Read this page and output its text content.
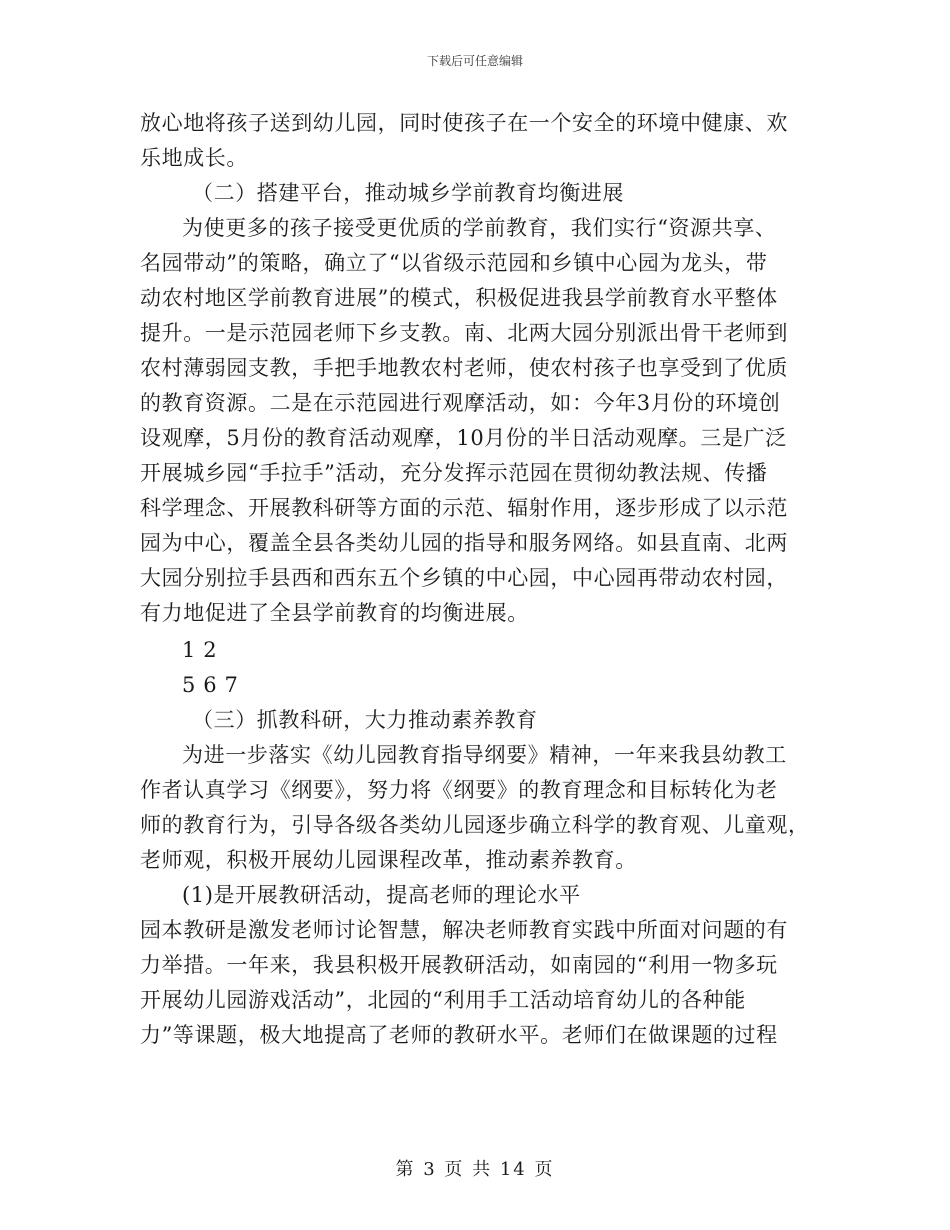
下载后可任意编辑
放心地将孩子送到幼儿园，同时使孩子在一个安全的环境中健康、欢
乐地成长。
（二）搭建平台，推动城乡学前教育均衡进展
为使更多的孩子接受更优质的学前教育，我们实行“资源共享、
名园带动”的策略，确立了“以省级示范园和乡镇中心园为龙头，带
动农村地区学前教育进展”的模式，积极促进我县学前教育水平整体
提升。一是示范园老师下乡支教。南、北两大园分别派出骨干老师到
农村薄弱园支教，手把手地教农村老师，使农村孩子也享受到了优质
的教育资源。二是在示范园进行观摩活动，如：今年3月份的环境创
设观摩，5月份的教育活动观摩，10月份的半日活动观摩。三是广泛
开展城乡园“手拉手”活动，充分发挥示范园在贯彻幼教法规、传播
科学理念、开展教科研等方面的示范、辐射作用，逐步形成了以示范
园为中心，覆盖全县各类幼儿园的指导和服务网络。如县直南、北两
大园分别拉手县西和西东五个乡镇的中心园，中心园再带动农村园，
有力地促进了全县学前教育的均衡进展。
1 2
5 6 7
（三）抓教科研，大力推动素养教育
为进一步落实《幼儿园教育指导纲要》精神，一年来我县幼教工
作者认真学习《纲要》，努力将《纲要》的教育理念和目标转化为老
师的教育行为，引导各级各类幼儿园逐步确立科学的教育观、儿童观，
老师观，积极开展幼儿园课程改革，推动素养教育。
(1)是开展教研活动，提高老师的理论水平
园本教研是激发老师讨论智慧，解决老师教育实践中所面对问题的有
力举措。一年来，我县积极开展教研活动，如南园的“利用一物多玩
开展幼儿园游戏活动”，北园的“利用手工活动培育幼儿的各种能
力”等课题，极大地提高了老师的教研水平。老师们在做课题的过程
第 3 页 共 14 页
